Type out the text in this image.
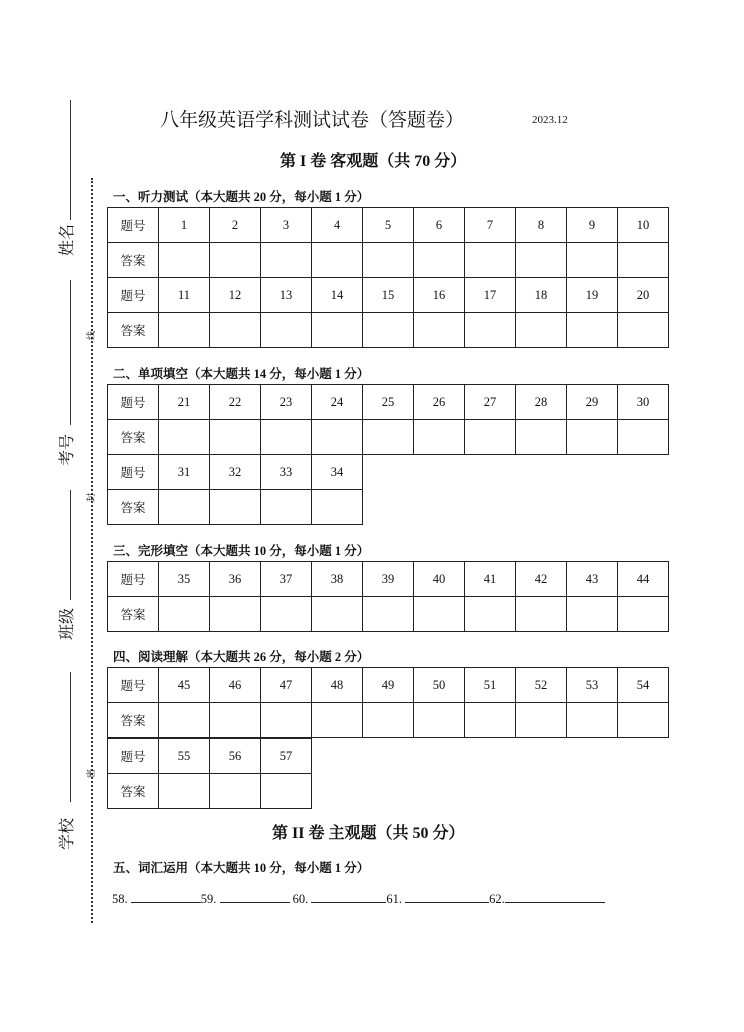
八年级英语学科测试试卷（答题卷）	2023.12
第 I 卷 客观题（共 70 分）
姓名
考号
班级
学校
线
封
密
一、听力测试（本大题共 20 分，每小题 1 分）
题号	1	2	3	4	5	6	7	8	9	10
答案										
题号	11	12	13	14	15	16	17	18	19	20
答案										
二、单项填空（本大题共 14 分，每小题 1 分）
题号	21	22	23	24	25	26	27	28	29	30
答案										
题号	31	32	33	34
答案				
三、完形填空（本大题共 10 分，每小题 1 分）
题号	35	36	37	38	39	40	41	42	43	44
答案										
四、阅读理解（本大题共 26 分，每小题 2 分）
题号	45	46	47	48	49	50	51	52	53	54
答案										
题号	55	56	57
答案			
第 II 卷 主观题（共 50 分）
五、词汇运用（本大题共 10 分，每小题 1 分）
58.	59.	60.	61.	62.
